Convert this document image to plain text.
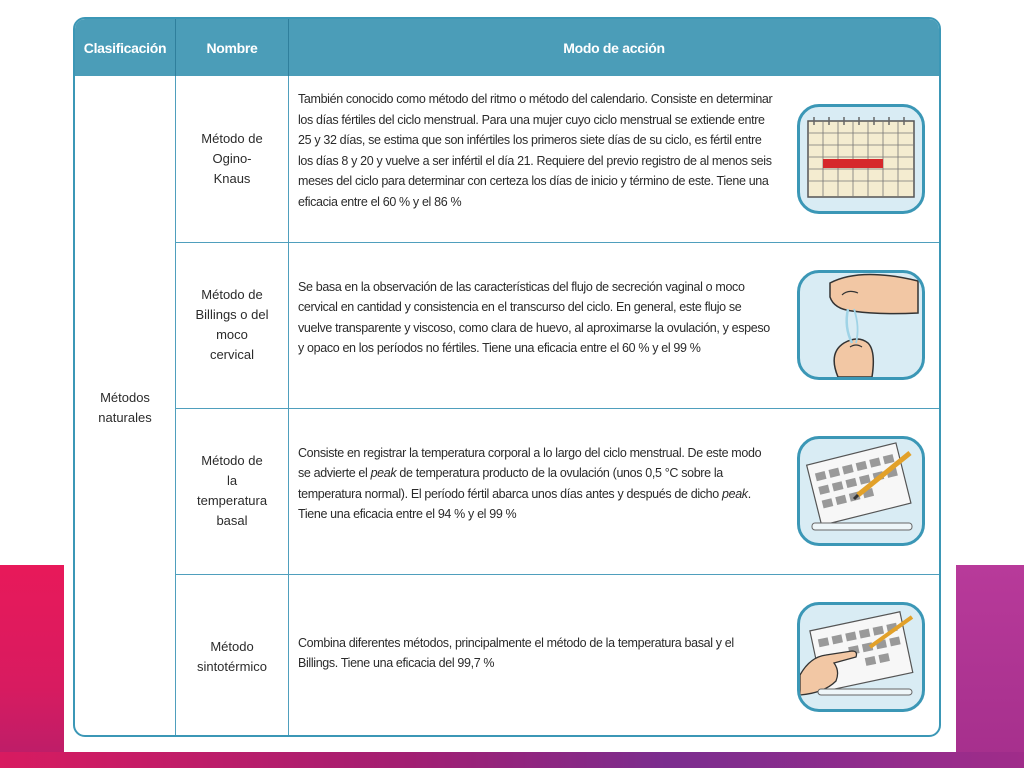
Clasificación	Nombre	Modo de acción

Métodos naturales	Método de Ogino-Knaus	También conocido como método del ritmo o método del calendario. Consiste en determinar los días fértiles del ciclo menstrual. Para una mujer cuyo ciclo menstrual se extiende entre 25 y 32 días, se estima que son infértiles los primeros siete días de su ciclo, es fértil entre los días 8 y 20 y vuelve a ser infértil el día 21. Requiere del previo registro de al menos seis meses del ciclo para determinar con certeza los días de inicio y término de este. Tiene una eficacia entre el 60 % y el 86 %

	Método de Billings o del moco cervical	Se basa en la observación de las características del flujo de secreción vaginal o moco cervical en cantidad y consistencia en el transcurso del ciclo. En general, este flujo se vuelve transparente y viscoso, como clara de huevo, al aproximarse la ovulación, y espeso y opaco en los períodos no fértiles. Tiene una eficacia entre el 60 % y el 99 %

	Método de la temperatura basal	Consiste en registrar la temperatura corporal a lo largo del ciclo menstrual. De este modo se advierte el peak de temperatura producto de la ovulación (unos 0,5 °C sobre la temperatura normal). El período fértil abarca unos días antes y después de dicho peak. Tiene una eficacia entre el 94 % y el 99 %

	Método sintotérmico	Combina diferentes métodos, principalmente el método de la temperatura basal y el Billings. Tiene una eficacia del 99,7 %
